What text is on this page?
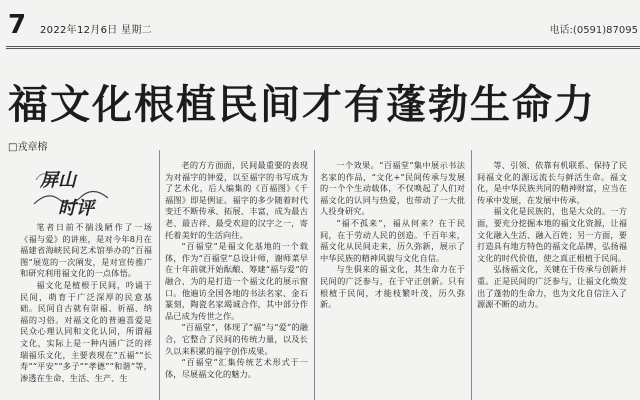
7 2022年12月6日 星期二	电话:(0591)87095
福文化根植民间才有蓬勃生命力
□戎章榕
屏山
时评

笔者日前不揣浅陋作了一场《福与爱》的讲座，是对今年8月在福建省海峡民间艺术馆举办的“百福图”展览的一次阐发，是对宣传推广和研究利用福文化的一点体悟。

福文化是植根于民间，吟诵于民间，萌育于广泛深厚的民意基础。民间自古就有崇福、祈福、纳福的习俗。对福文化的普遍喜爱是民众心理认同和文化认同，所谓福文化，实际上是一种内涵广泛的祥瑞福乐文化，主要表现在“五福”“长寿”“平安”“多子”“孝德”“和谐”等，渗透在生命、生活、生产、生

老的方方面面，民间最重要的表现为对福字的钟爱，以至福字的书写成为了艺术化，后人编集的《百福图》《千福图》即是例证。福字的多少随着时代变迁不断传承、拓展、丰富，成为最古老、最吉祥、最受欢迎的汉字之一，寄托着美好的生活向往。

“百福堂”是福文化基地的一个载体，作为“百福堂”总设计师，谢师菜早在十年前就开始酝酿、筹建“福与爱”的融合，为的是打造一个福文化的展示窗口。他遍访全国各地的书法名家、金石篆刻，陶瓷名家竭诚合作，其中部分作品已成为传世之作。

“百福堂”，体现了“福”与“爱”的融合，它整合了民间的传统力量，以及长久以来积累的福字创作成果。

“百福堂”汇集传统艺术形式于一体，尽展福文化的魅力。

一个效果。“百福堂”集中展示书法名家的作品，“文化+”民间传承与发展的一个个生动载体，不仅唤起了人们对福文化的认同与热爱，也带动了一大批人投身研究。

“福不孤来”，福从何来？在于民间，在于劳动人民的创造。千百年来，福文化从民间走来，历久弥新，展示了中华民族的精神风貌与文化自信。

与生俱来的福文化，其生命力在于民间的广泛参与，在于守正创新。只有根植于民间，才能枝繁叶茂，历久弥新。

等、引领、依靠有机联系、保持了民间福文化的源远流长与鲜活生命。福文化，是中华民族共同的精神财富，应当在传承中发展，在发展中传承。

福文化是民族的，也是大众的。一方面，要充分挖掘本地的福文化资源，让福文化融入生活、融入百姓；另一方面，要打造具有地方特色的福文化品牌，弘扬福文化的时代价值，使之真正根植于民间。

弘扬福文化，关键在于传承与创新并重。正是民间的广泛参与，让福文化焕发出了蓬勃的生命力，也为文化自信注入了源源不断的动力。
